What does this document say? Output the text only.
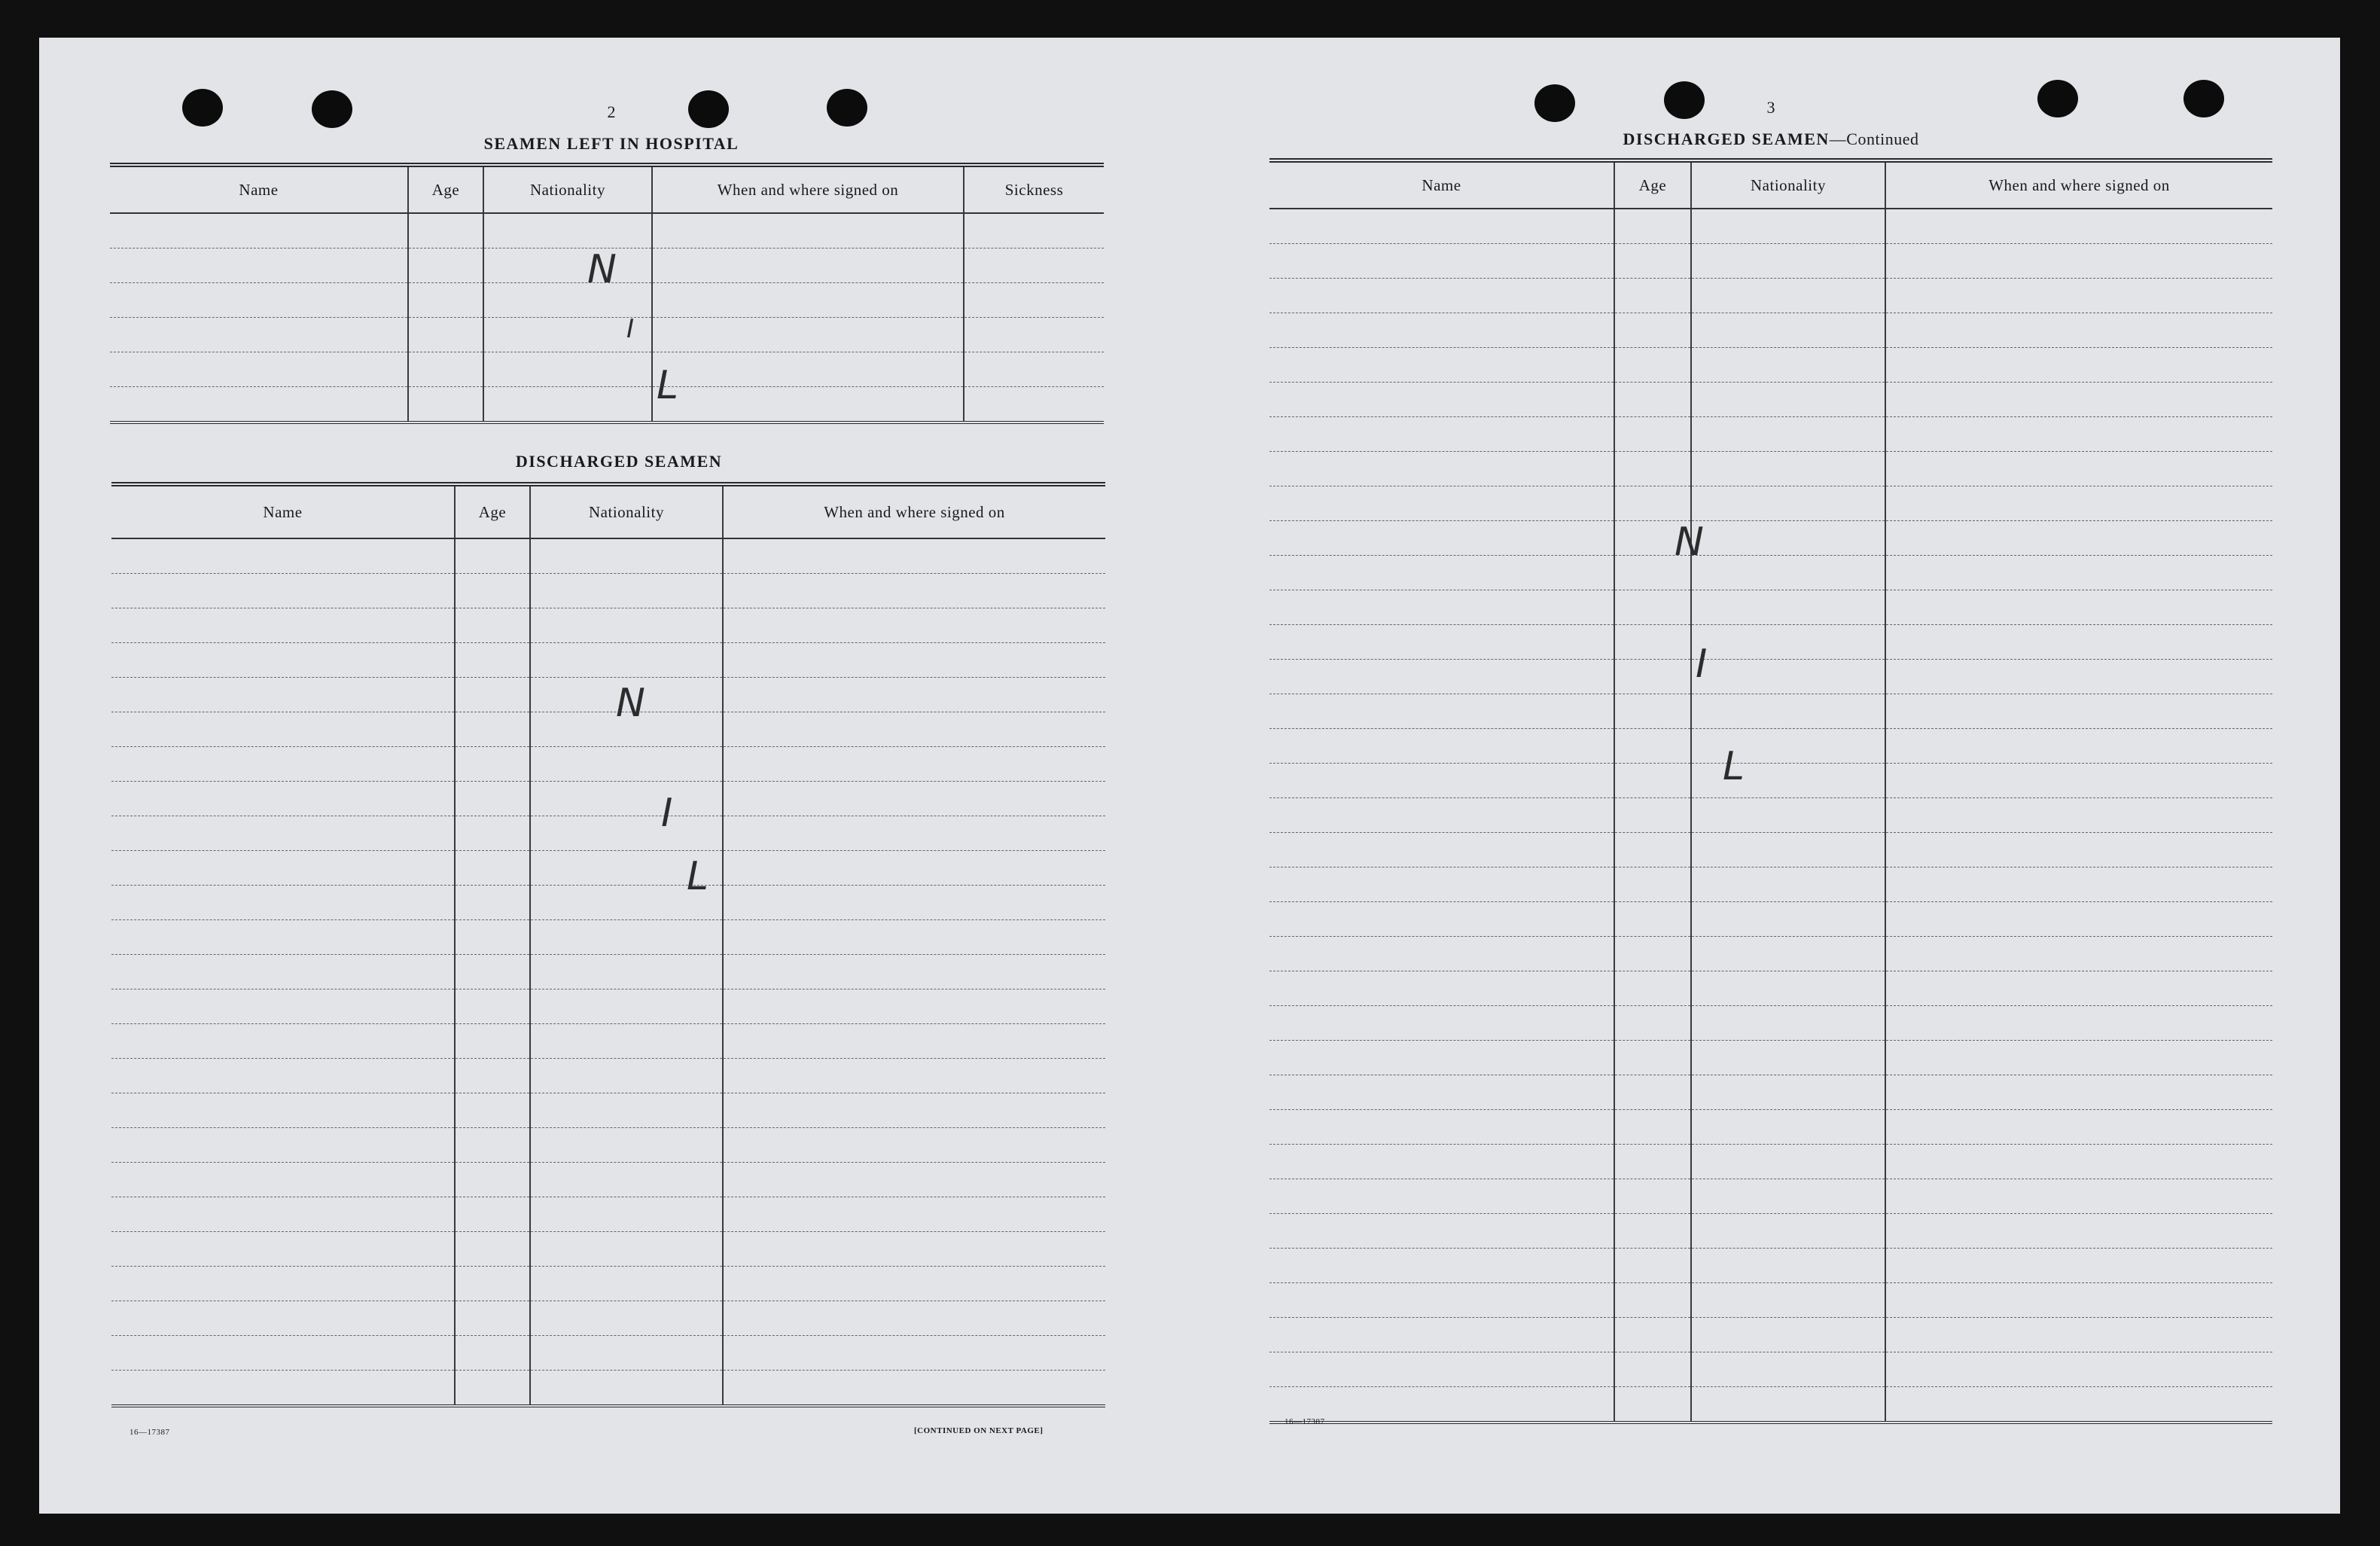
2
SEAMEN LEFT IN HOSPITAL
Name	Age	Nationality	When and where signed on	Sickness

DISCHARGED SEAMEN
Name	Age	Nationality	When and where signed on

N
I
L
N
I
L
16—17387	[CONTINUED ON NEXT PAGE]
3
DISCHARGED SEAMEN—Continued
Name	Age	Nationality	When and where signed on

N
I
L
16—17387
